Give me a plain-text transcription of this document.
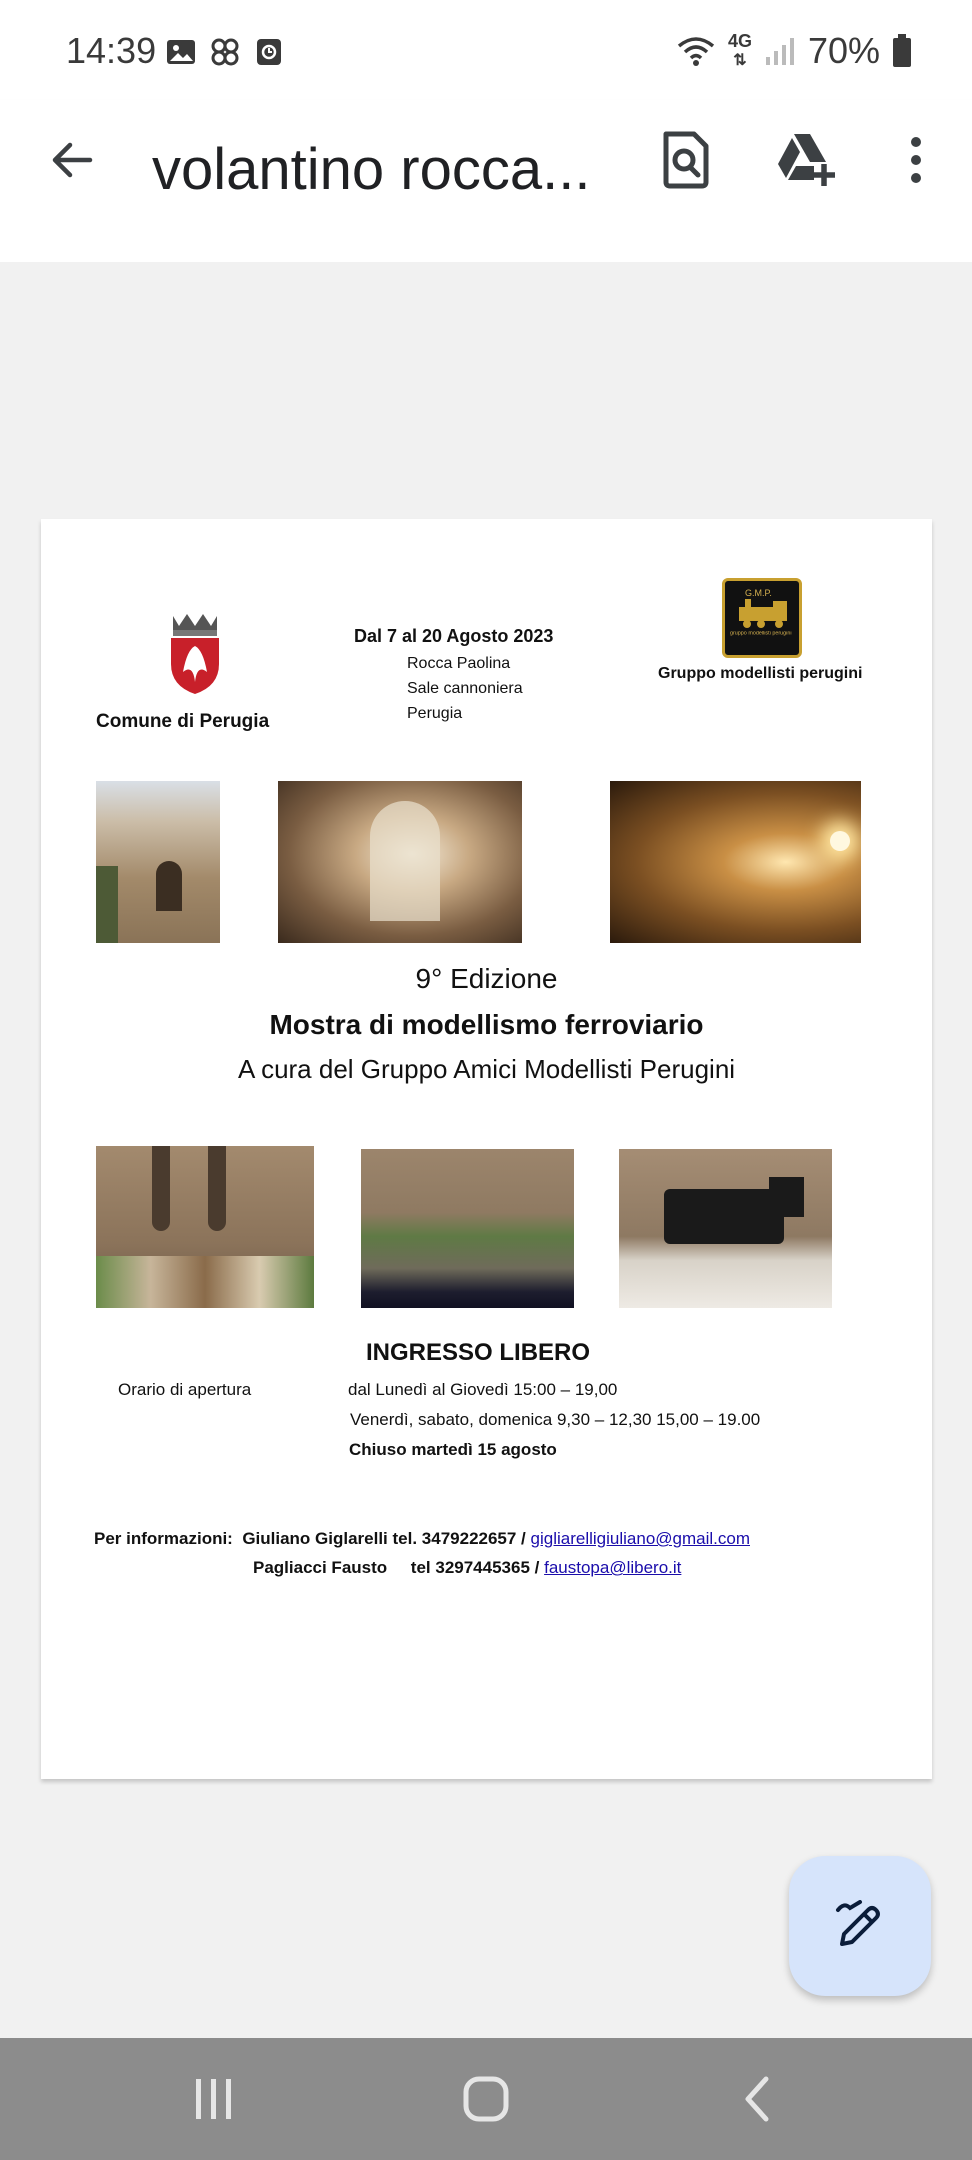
14:39	4G
⇅ 70%
volantino rocca...
Comune di Perugia
Dal 7 al 20 Agosto 2023
Rocca Paolina
Sale cannoniera
Perugia
G.M.P.
gruppo modellisti perugini
Gruppo modellisti perugini
9° Edizione
Mostra di modellismo ferroviario
A cura del Gruppo Amici Modellisti Perugini
INGRESSO LIBERO
Orario di apertura	dal Lunedì al Giovedì 15:00 – 19,00
Venerdì, sabato, domenica 9,30 – 12,30 15,00 – 19.00
Chiuso martedì 15 agosto
Per informazioni: Giuliano Giglarelli tel. 3479222657 / gigliarelligiuliano@gmail.com
Pagliacci Fausto tel 3297445365 / faustopa@libero.it
